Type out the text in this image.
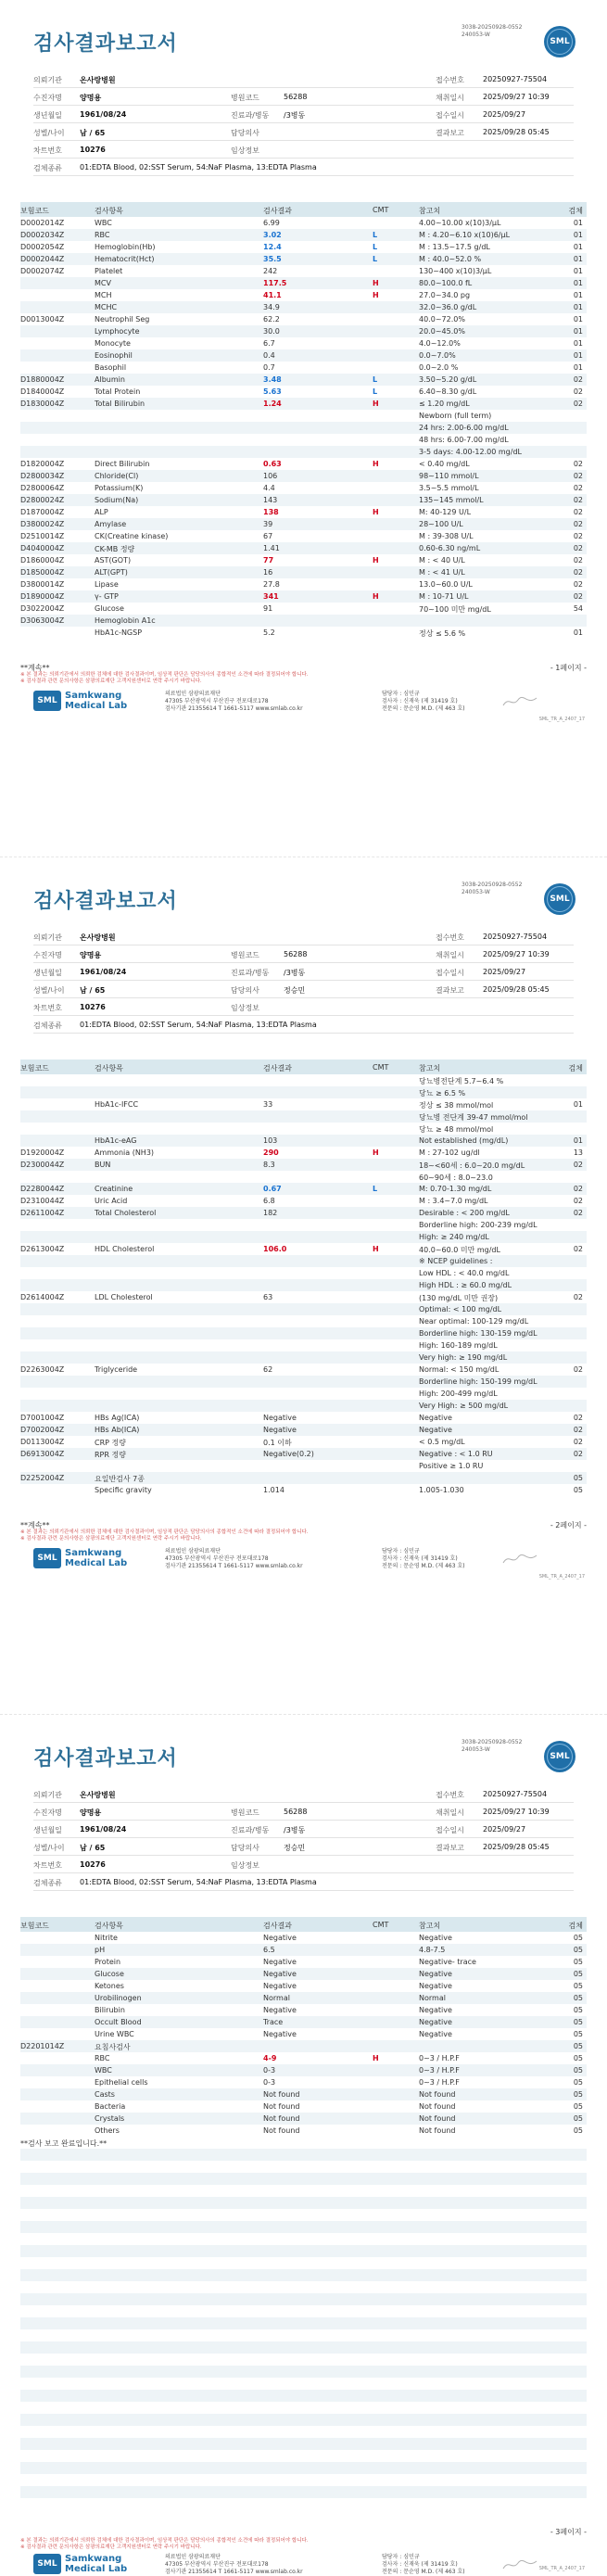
검사결과보고서
3038-20250928-0552
240053-W
SML
의뢰기관 온사랑병원	접수번호	20250927-75504
수진자명 양명용	병원코드	56288	채취일시	2025/09/27 10:39
생년월일 1961/08/24	진료과/병동 /3병동	접수일시	2025/09/27
성별/나이 남 / 65	담당의사	결과보고	2025/09/28 05:45
차트번호 10276	임상정보
검체종류 01:EDTA Blood, 02:SST Serum, 54:NaF Plasma, 13:EDTA Plasma
보험코드	검사항목	검사결과	CMT	참고치	검체
D0002014Z	WBC	6.99	4.00~10.00 x(10)3/μL	01
D0002034Z	RBC	3.02	L	M : 4.20~6.10 x(10)6/μL	01
D0002054Z	Hemoglobin(Hb)	12.4	L	M : 13.5~17.5 g/dL	01
D0002044Z	Hematocrit(Hct)	35.5	L	M : 40.0~52.0 %	01
D0002074Z	Platelet	242	130~400 x(10)3/μL	01
MCV	117.5	H	80.0~100.0 fL	01
MCH	41.1	H	27.0~34.0 pg	01
MCHC	34.9	32.0~36.0 g/dL	01
D0013004Z	Neutrophil Seg	62.2	40.0~72.0%	01
Lymphocyte	30.0	20.0~45.0%	01
Monocyte	6.7	4.0~12.0%	01
Eosinophil	0.4	0.0~7.0%	01
Basophil	0.7	0.0~2.0 %	01
D1880004Z	Albumin	3.48	L	3.50~5.20 g/dL	02
D1840004Z	Total Protein	5.63	L	6.40~8.30 g/dL	02
D1830004Z	Total Bilirubin	1.24	H	≤ 1.20 mg/dL	02
Newborn (full term)
24 hrs: 2.00-6.00 mg/dL
48 hrs: 6.00-7.00 mg/dL
3-5 days: 4.00-12.00 mg/dL
D1820004Z	Direct Bilirubin	0.63	H	< 0.40 mg/dL	02
D2800034Z	Chloride(Cl)	106	98~110 mmol/L	02
D2800064Z	Potassium(K)	4.4	3.5~5.5 mmol/L	02
D2800024Z	Sodium(Na)	143	135~145 mmol/L	02
D1870004Z	ALP	138	H	M: 40-129 U/L	02
D3800024Z	Amylase	39	28~100 U/L	02
D2510014Z	CK(Creatine kinase)	67	M : 39-308 U/L	02
D4040004Z	CK-MB 정량	1.41	0.60-6.30 ng/mL	02
D1860004Z	AST(GOT)	77	H	M : < 40 U/L	02
D1850004Z	ALT(GPT)	16	M : < 41 U/L	02
D3800014Z	Lipase	27.8	13.0~60.0 U/L	02
D1890004Z	γ- GTP	341	H	M : 10-71 U/L	02
D3022004Z	Glucose	91	70~100 미만 mg/dL	54
D3063004Z	Hemoglobin A1c
HbA1c-NGSP	5.2	정상 ≤ 5.6 %	01
**계속**	- 1페이지 -
※ 본 결과는 의뢰기관에서 의뢰한 검체에 대한 검사결과이며, 임상적 판단은 담당의사의 종합적인 소견에 따라 결정되어야 합니다.
※ 검사결과 관련 문의사항은 삼광의료재단 고객지원센터로 연락 주시기 바랍니다.
SML Samkwang
Medical Lab
의료법인 삼광의료재단
47305 부산광역시 부산진구 전포대로178
검사기관 21355614 T 1661-5117 www.smlab.co.kr
담당자 : 심민규
검사자 : 신재욱 (제 31419 호)
전문의 : 문순영 M.D. (제 463 호)
SML_TR_A_2407_17
검사결과보고서
3038-20250928-0552
240053-W
SML
의뢰기관 온사랑병원	접수번호	20250927-75504
수진자명 양명용	병원코드	56288	채취일시	2025/09/27 10:39
생년월일 1961/08/24	진료과/병동 /3병동	접수일시	2025/09/27
성별/나이 남 / 65	담당의사	정승민	결과보고	2025/09/28 05:45
차트번호 10276	임상정보
검체종류 01:EDTA Blood, 02:SST Serum, 54:NaF Plasma, 13:EDTA Plasma
보험코드	검사항목	검사결과	CMT	참고치	검체
당뇨병전단계 5.7~6.4 %
당뇨 ≥ 6.5 %
HbA1c-IFCC	33	정상 ≤ 38 mmol/mol	01
당뇨병 전단계 39-47 mmol/mol
당뇨 ≥ 48 mmol/mol
HbA1c-eAG	103	Not established (mg/dL)	01
D1920004Z	Ammonia (NH3)	290	H	M : 27-102 ug/dl	13
D2300044Z	BUN	8.3	18~<60세 : 6.0~20.0 mg/dL	02
60~90세 : 8.0~23.0
D2280044Z	Creatinine	0.67	L	M: 0.70-1.30 mg/dL	02
D2310044Z	Uric Acid	6.8	M : 3.4~7.0 mg/dL	02
D2611004Z	Total Cholesterol	182	Desirable : < 200 mg/dL	02
Borderline high: 200-239 mg/dL
High: ≥ 240 mg/dL
D2613004Z	HDL Cholesterol	106.0	H	40.0~60.0 미만 mg/dL	02
※ NCEP guidelines :
Low HDL : < 40.0 mg/dL
High HDL : ≥ 60.0 mg/dL
D2614004Z	LDL Cholesterol	63	(130 mg/dL 미만 권장)	02
Optimal: < 100 mg/dL
Near optimal: 100-129 mg/dL
Borderline high: 130-159 mg/dL
High: 160-189 mg/dL
Very high: ≥ 190 mg/dL
D2263004Z	Triglyceride	62	Normal: < 150 mg/dL	02
Borderline high: 150-199 mg/dL
High: 200-499 mg/dL
Very High: ≥ 500 mg/dL
D7001004Z	HBs Ag(ICA)	Negative	Negative	02
D7002004Z	HBs Ab(ICA)	Negative	Negative	02
D0113004Z	CRP 정량	0.1 이하	< 0.5 mg/dL	02
D6913004Z	RPR 정량	Negative(0.2)	Negative : < 1.0 RU	02
Positive ≥ 1.0 RU
D2252004Z	요일반검사 7종	05
Specific gravity	1.014	1.005-1.030	05
**계속**	- 2페이지 -
※ 본 결과는 의뢰기관에서 의뢰한 검체에 대한 검사결과이며, 임상적 판단은 담당의사의 종합적인 소견에 따라 결정되어야 합니다.
※ 검사결과 관련 문의사항은 삼광의료재단 고객지원센터로 연락 주시기 바랍니다.
SML Samkwang
Medical Lab
의료법인 삼광의료재단
47305 부산광역시 부산진구 전포대로178
검사기관 21355614 T 1661-5117 www.smlab.co.kr
담당자 : 심민규
검사자 : 신재욱 (제 31419 호)
전문의 : 문순영 M.D. (제 463 호)
SML_TR_A_2407_17
검사결과보고서
3038-20250928-0552
240053-W
SML
의뢰기관 온사랑병원	접수번호	20250927-75504
수진자명 양명용	병원코드	56288	채취일시	2025/09/27 10:39
생년월일 1961/08/24	진료과/병동 /3병동	접수일시	2025/09/27
성별/나이 남 / 65	담당의사	정승민	결과보고	2025/09/28 05:45
차트번호 10276	임상정보
검체종류 01:EDTA Blood, 02:SST Serum, 54:NaF Plasma, 13:EDTA Plasma
보험코드	검사항목	검사결과	CMT	참고치	검체
Nitrite	Negative	Negative	05
pH	6.5	4.8-7.5	05
Protein	Negative	Negative- trace	05
Glucose	Negative	Negative	05
Ketones	Negative	Negative	05
Urobilinogen	Normal	Normal	05
Bilirubin	Negative	Negative	05
Occult Blood	Trace	Negative	05
Urine WBC	Negative	Negative	05
D2201014Z	요침사검사	05
RBC	4-9	H	0~3 / H.P.F	05
WBC	0-3	0~3 / H.P.F	05
Epithelial cells	0-3	0~3 / H.P.F	05
Casts	Not found	Not found	05
Bacteria	Not found	Not found	05
Crystals	Not found	Not found	05
Others	Not found	Not found	05
**검사 보고 완료입니다.**
- 3페이지 -
※ 본 결과는 의뢰기관에서 의뢰한 검체에 대한 검사결과이며, 임상적 판단은 담당의사의 종합적인 소견에 따라 결정되어야 합니다.
※ 검사결과 관련 문의사항은 삼광의료재단 고객지원센터로 연락 주시기 바랍니다.
SML Samkwang
Medical Lab
의료법인 삼광의료재단
47305 부산광역시 부산진구 전포대로178
검사기관 21355614 T 1661-5117 www.smlab.co.kr
담당자 : 심민규
검사자 : 신재욱 (제 31419 호)
전문의 : 문순영 M.D. (제 463 호)	SML_TR_A_2407_17
